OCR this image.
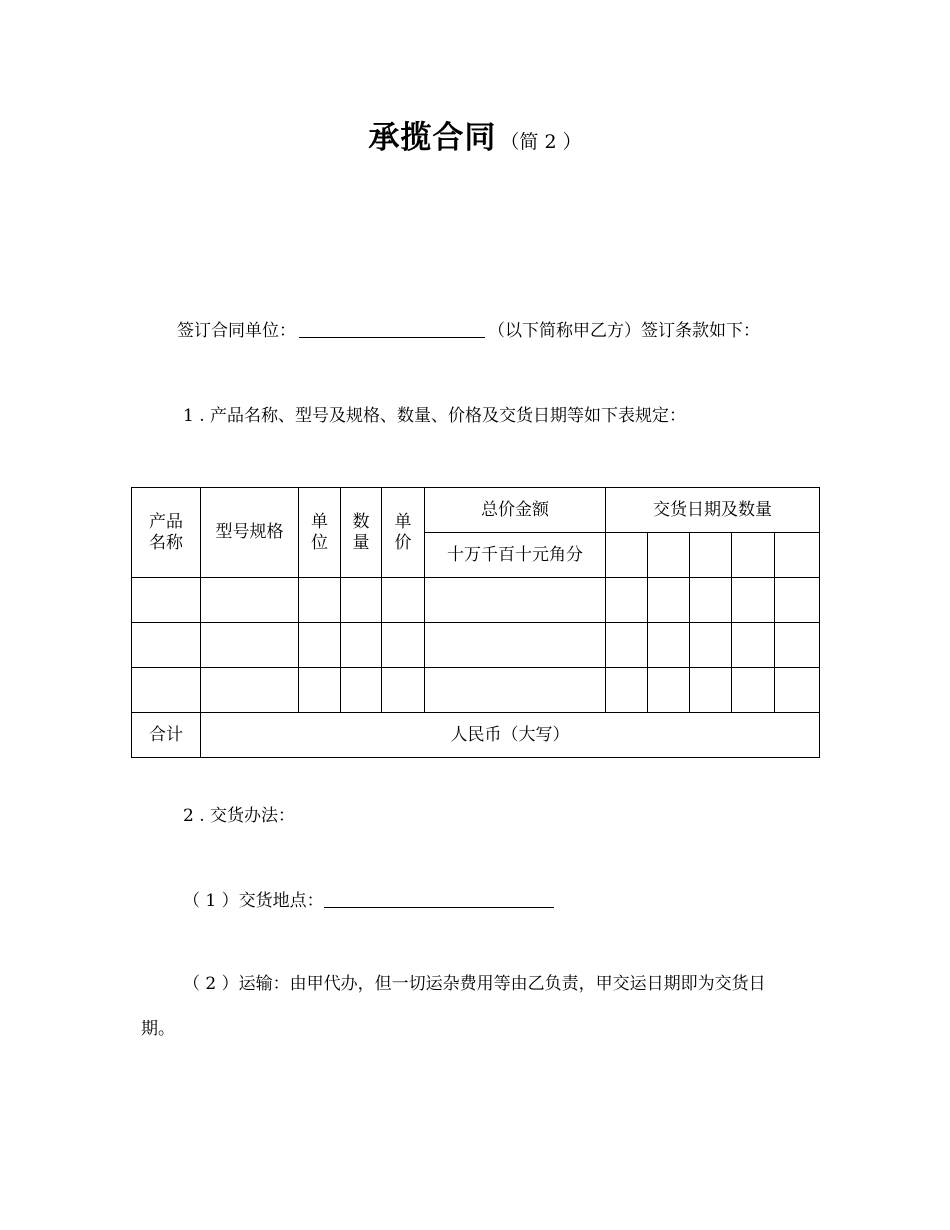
承揽合同 （简 2 ）
签订合同单位：	（以下简称甲乙方）签订条款如下：
1 . 产品名称、型号及规格、数量、价格及交货日期等如下表规定：
产品 名称	型号规格	单 位	数 量	单 价	总价金额	交货日期及数量				
					十万千百十元角分					

合计	人民币（大写）									
2 . 交货办法：
（ 1 ）交货地点：
（ 2 ）运输：由甲代办，但一切运杂费用等由乙负责，甲交运日期即为交货日
期。
